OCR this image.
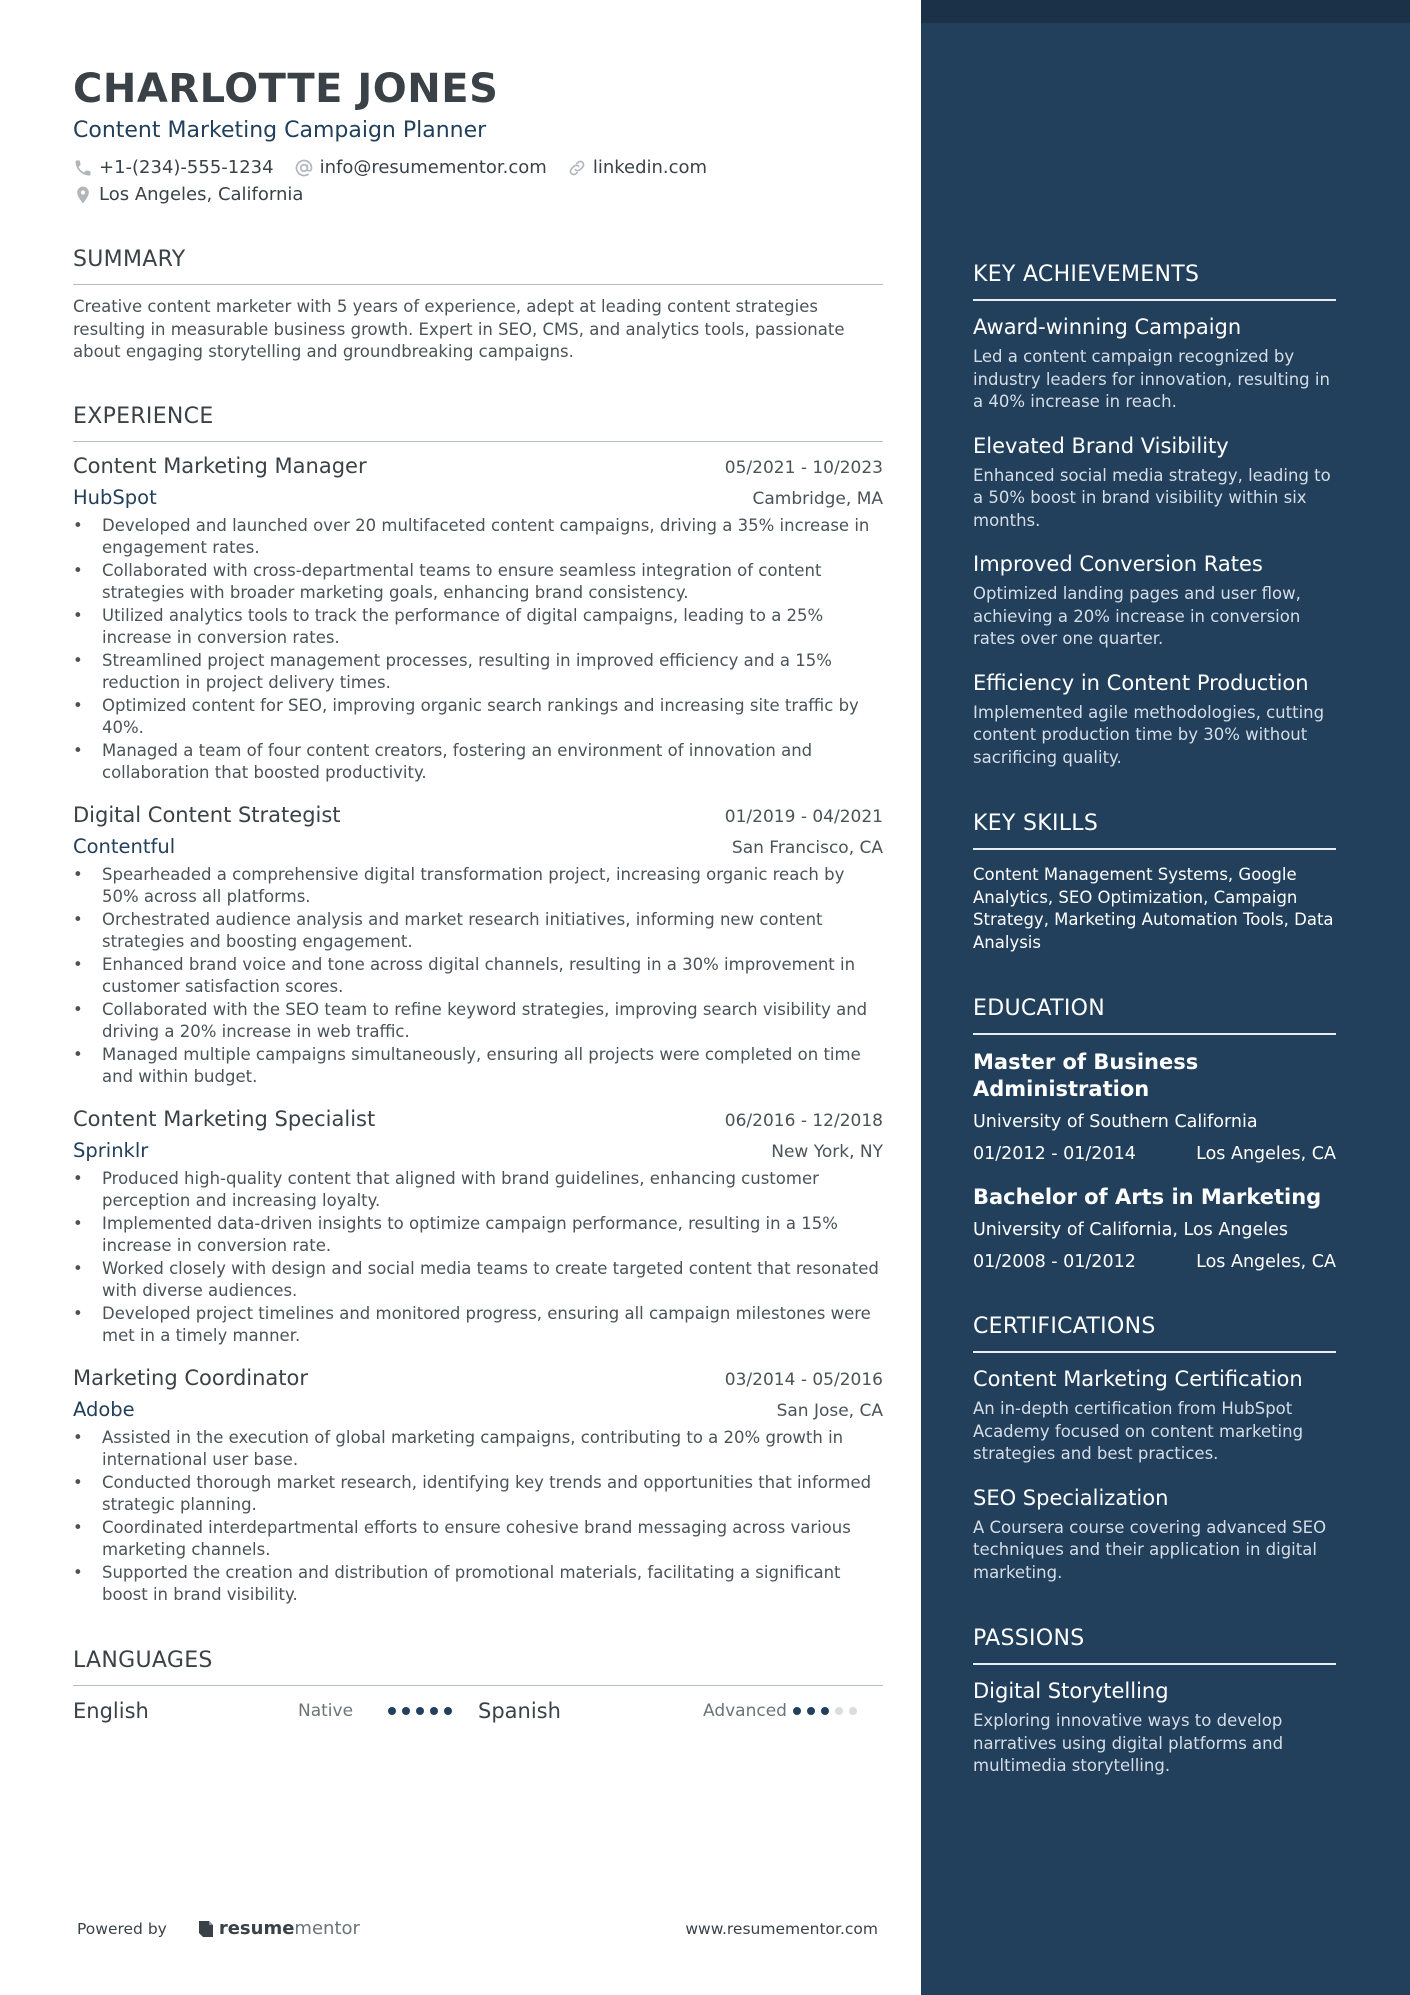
CHARLOTTE JONES
Content Marketing Campaign Planner
+1-(234)-555-1234	info@resumementor.com	linkedin.com
Los Angeles, California
SUMMARY

Creative content marketer with 5 years of experience, adept at leading content strategies resulting in measurable business growth. Expert in SEO, CMS, and analytics tools, passionate about engaging storytelling and groundbreaking campaigns.

EXPERIENCE
Content Marketing Manager	05/2021 - 10/2023
HubSpot	Cambridge, MA
• Developed and launched over 20 multifaceted content campaigns, driving a 35% increase in engagement rates.
• Collaborated with cross-departmental teams to ensure seamless integration of content strategies with broader marketing goals, enhancing brand consistency.
• Utilized analytics tools to track the performance of digital campaigns, leading to a 25% increase in conversion rates.
• Streamlined project management processes, resulting in improved efficiency and a 15% reduction in project delivery times.
• Optimized content for SEO, improving organic search rankings and increasing site traffic by 40%.
• Managed a team of four content creators, fostering an environment of innovation and collaboration that boosted productivity.
Digital Content Strategist	01/2019 - 04/2021
Contentful	San Francisco, CA
• Spearheaded a comprehensive digital transformation project, increasing organic reach by 50% across all platforms.
• Orchestrated audience analysis and market research initiatives, informing new content strategies and boosting engagement.
• Enhanced brand voice and tone across digital channels, resulting in a 30% improvement in customer satisfaction scores.
• Collaborated with the SEO team to refine keyword strategies, improving search visibility and driving a 20% increase in web traffic.
• Managed multiple campaigns simultaneously, ensuring all projects were completed on time and within budget.
Content Marketing Specialist	06/2016 - 12/2018
Sprinklr	New York, NY
• Produced high-quality content that aligned with brand guidelines, enhancing customer perception and increasing loyalty.
• Implemented data-driven insights to optimize campaign performance, resulting in a 15% increase in conversion rate.
• Worked closely with design and social media teams to create targeted content that resonated with diverse audiences.
• Developed project timelines and monitored progress, ensuring all campaign milestones were met in a timely manner.
Marketing Coordinator	03/2014 - 05/2016
Adobe	San Jose, CA
• Assisted in the execution of global marketing campaigns, contributing to a 20% growth in international user base.
• Conducted thorough market research, identifying key trends and opportunities that informed strategic planning.
• Coordinated interdepartmental efforts to ensure cohesive brand messaging across various marketing channels.
• Supported the creation and distribution of promotional materials, facilitating a significant boost in brand visibility.
LANGUAGES
English	Native	Spanish	Advanced
Powered by	resume mentor	www.resumementor.com
KEY ACHIEVEMENTS
Award-winning Campaign
Led a content campaign recognized by industry leaders for innovation, resulting in a 40% increase in reach.
Elevated Brand Visibility
Enhanced social media strategy, leading to a 50% boost in brand visibility within six months.
Improved Conversion Rates
Optimized landing pages and user flow, achieving a 20% increase in conversion rates over one quarter.
Efficiency in Content Production
Implemented agile methodologies, cutting content production time by 30% without sacrificing quality.
KEY SKILLS
Content Management Systems, Google Analytics, SEO Optimization, Campaign Strategy, Marketing Automation Tools, Data Analysis
EDUCATION
Master of Business Administration
University of Southern California
01/2012 - 01/2014	Los Angeles, CA
Bachelor of Arts in Marketing
University of California, Los Angeles
01/2008 - 01/2012	Los Angeles, CA
CERTIFICATIONS
Content Marketing Certification
An in-depth certification from HubSpot Academy focused on content marketing strategies and best practices.
SEO Specialization
A Coursera course covering advanced SEO techniques and their application in digital marketing.
PASSIONS
Digital Storytelling
Exploring innovative ways to develop narratives using digital platforms and multimedia storytelling.
